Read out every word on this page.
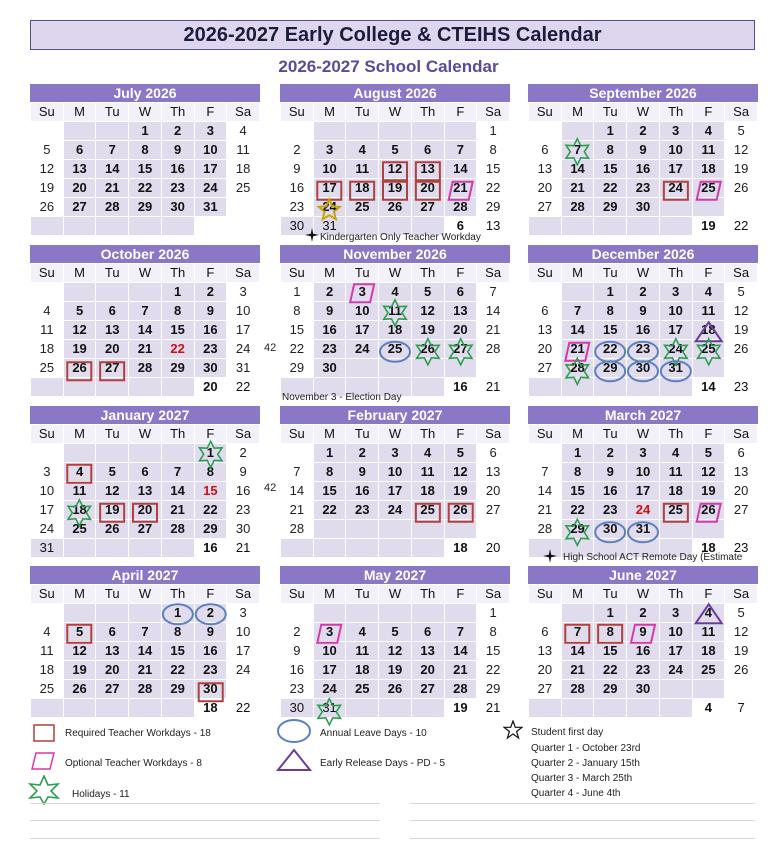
2026-2027 Early College & CTEIHS Calendar
2026-2027 School Calendar
July 2026
Su	M	Tu	W	Th	F	Sa
			1	2	3	4
5	6	7	8	9	10	11
12	13	14	15	16	17	18
19	20	21	22	23	24	25
26	27	28	29	30	31	

August 2026
Su	M	Tu	W	Th	F	Sa
						1
2	3	4	5	6	7	8
9	10	11	12	13	14	15
16	17	18	19	20	21	22
23	24	25	26	27	28	29
30	31				6	13
September 2026
Su	M	Tu	W	Th	F	Sa
		1	2	3	4	5
6	7	8	9	10	11	12
13	14	15	16	17	18	19
20	21	22	23	24	25	26
27	28	29	30			
					19	22
October 2026
Su	M	Tu	W	Th	F	Sa
				1	2	3
4	5	6	7	8	9	10
11	12	13	14	15	16	17
18	19	20	21	22	23	24
25	26	27	28	29	30	31
					20	22
November 2026
Su	M	Tu	W	Th	F	Sa
1	2	3	4	5	6	7
8	9	10	11	12	13	14
15	16	17	18	19	20	21
22	23	24	25	26	27	28
29	30					
					16	21
December 2026
Su	M	Tu	W	Th	F	Sa
		1	2	3	4	5
6	7	8	9	10	11	12
13	14	15	16	17	18	19
20	21	22	23	24	25	26
27	28	29	30	31		
					14	23
January 2027
Su	M	Tu	W	Th	F	Sa
					1	2
3	4	5	6	7	8	9
10	11	12	13	14	15	16
17	18	19	20	21	22	23
24	25	26	27	28	29	30
31					16	21
February 2027
Su	M	Tu	W	Th	F	Sa
	1	2	3	4	5	6
7	8	9	10	11	12	13
14	15	16	17	18	19	20
21	22	23	24	25	26	27
28						
					18	20
March 2027
Su	M	Tu	W	Th	F	Sa
	1	2	3	4	5	6
7	8	9	10	11	12	13
14	15	16	17	18	19	20
21	22	23	24	25	26	27
28	29	30	31			
					18	23
April 2027
Su	M	Tu	W	Th	F	Sa
				1	2	3
4	5	6	7	8	9	10
11	12	13	14	15	16	17
18	19	20	21	22	23	24
25	26	27	28	29	30	
					18	22
May 2027
Su	M	Tu	W	Th	F	Sa
						1
2	3	4	5	6	7	8
9	10	11	12	13	14	15
16	17	18	19	20	21	22
23	24	25	26	27	28	29
30	31				19	21
June 2027
Su	M	Tu	W	Th	F	Sa
		1	2	3	4	5
6	7	8	9	10	11	12
13	14	15	16	17	18	19
20	21	22	23	24	25	26
27	28	29	30			
					4	7
Kindergarten Only Teacher Workday
November 3 - Election Day
High School ACT Remote Day (Estimate
42
42
Required Teacher Workdays - 18
Optional Teacher Workdays - 8
Holidays - 11
Annual Leave Days - 10
Early Release Days - PD - 5
Student first day
Quarter 1 - October 23rd
Quarter 2 - January 15th
Quarter 3 - March 25th
Quarter 4 - June 4th
